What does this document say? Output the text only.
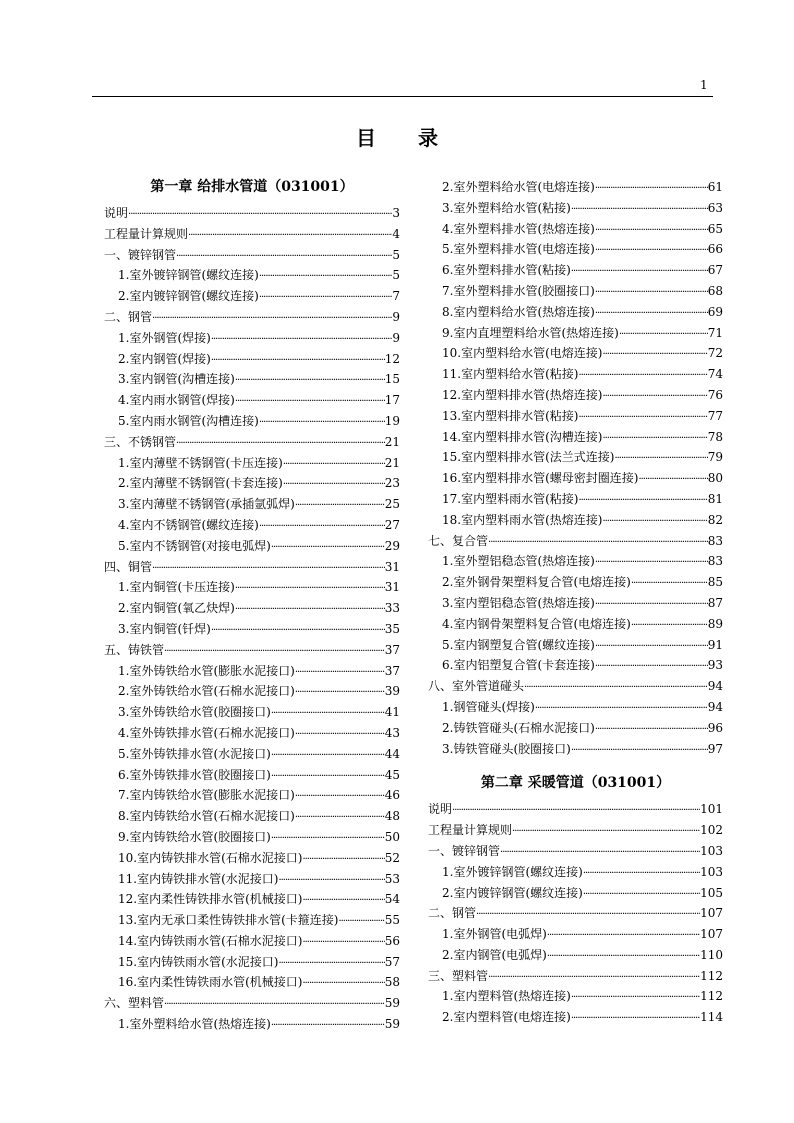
1
目 录
第一章 给排水管道（031001）
说明 ·····	3
工程量计算规则 ·····	4
一、镀锌钢管 ·····	5
1.室外镀锌钢管(螺纹连接) ·····	5
2.室内镀锌钢管(螺纹连接) ·····	7
二、钢管 ·····	9
1.室外钢管(焊接) ·····	9
2.室内钢管(焊接) ·····	12
3.室内钢管(沟槽连接) ·····	15
4.室内雨水钢管(焊接) ·····	17
5.室内雨水钢管(沟槽连接) ·····	19
三、不锈钢管 ·····	21
1.室内薄壁不锈钢管(卡压连接) ·····	21
2.室内薄壁不锈钢管(卡套连接) ·····	23
3.室内薄壁不锈钢管(承插氩弧焊) ·····	25
4.室内不锈钢管(螺纹连接) ·····	27
5.室内不锈钢管(对接电弧焊) ·····	29
四、铜管 ·····	31
1.室内铜管(卡压连接) ·····	31
2.室内铜管(氧乙炔焊) ·····	33
3.室内铜管(钎焊) ·····	35
五、铸铁管 ·····	37
1.室外铸铁给水管(膨胀水泥接口) ·····	37
2.室外铸铁给水管(石棉水泥接口) ·····	39
3.室外铸铁给水管(胶圈接口) ·····	41
4.室外铸铁排水管(石棉水泥接口) ·····	43
5.室外铸铁排水管(水泥接口) ·····	44
6.室外铸铁排水管(胶圈接口) ·····	45
7.室内铸铁给水管(膨胀水泥接口) ·····	46
8.室内铸铁给水管(石棉水泥接口) ·····	48
9.室内铸铁给水管(胶圈接口) ·····	50
10.室内铸铁排水管(石棉水泥接口) ·····	52
11.室内铸铁排水管(水泥接口) ·····	53
12.室内柔性铸铁排水管(机械接口) ·····	54
13.室内无承口柔性铸铁排水管(卡箍连接) ·····	55
14.室内铸铁雨水管(石棉水泥接口) ·····	56
15.室内铸铁雨水管(水泥接口) ·····	57
16.室内柔性铸铁雨水管(机械接口) ·····	58
六、塑料管 ·····	59
1.室外塑料给水管(热熔连接) ·····	59
2.室外塑料给水管(电熔连接) ·····	61
3.室外塑料给水管(粘接) ·····	63
4.室外塑料排水管(热熔连接) ·····	65
5.室外塑料排水管(电熔连接) ·····	66
6.室外塑料排水管(粘接) ·····	67
7.室外塑料排水管(胶圈接口) ·····	68
8.室内塑料给水管(热熔连接) ·····	69
9.室内直埋塑料给水管(热熔连接) ·····	71
10.室内塑料给水管(电熔连接) ·····	72
11.室内塑料给水管(粘接) ·····	74
12.室内塑料排水管(热熔连接) ·····	76
13.室内塑料排水管(粘接) ·····	77
14.室内塑料排水管(沟槽连接) ·····	78
15.室内塑料排水管(法兰式连接) ·····	79
16.室内塑料排水管(螺母密封圈连接) ·····	80
17.室内塑料雨水管(粘接) ·····	81
18.室内塑料雨水管(热熔连接) ·····	82
七、复合管 ·····	83
1.室外塑铝稳态管(热熔连接) ·····	83
2.室外钢骨架塑料复合管(电熔连接) ·····	85
3.室内塑铝稳态管(热熔连接) ·····	87
4.室内钢骨架塑料复合管(电熔连接) ·····	89
5.室内钢塑复合管(螺纹连接) ·····	91
6.室内铝塑复合管(卡套连接) ·····	93
八、室外管道碰头 ·····	94
1.钢管碰头(焊接) ·····	94
2.铸铁管碰头(石棉水泥接口) ·····	96
3.铸铁管碰头(胶圈接口) ·····	97
第二章 采暖管道（031001）
说明 ·····	101
工程量计算规则 ·····	102
一、镀锌钢管 ·····	103
1.室外镀锌钢管(螺纹连接) ·····	103
2.室内镀锌钢管(螺纹连接) ·····	105
二、钢管 ·····	107
1.室外钢管(电弧焊) ·····	107
2.室内钢管(电弧焊) ·····	110
三、塑料管 ·····	112
1.室内塑料管(热熔连接) ·····	112
2.室内塑料管(电熔连接) ·····	114
